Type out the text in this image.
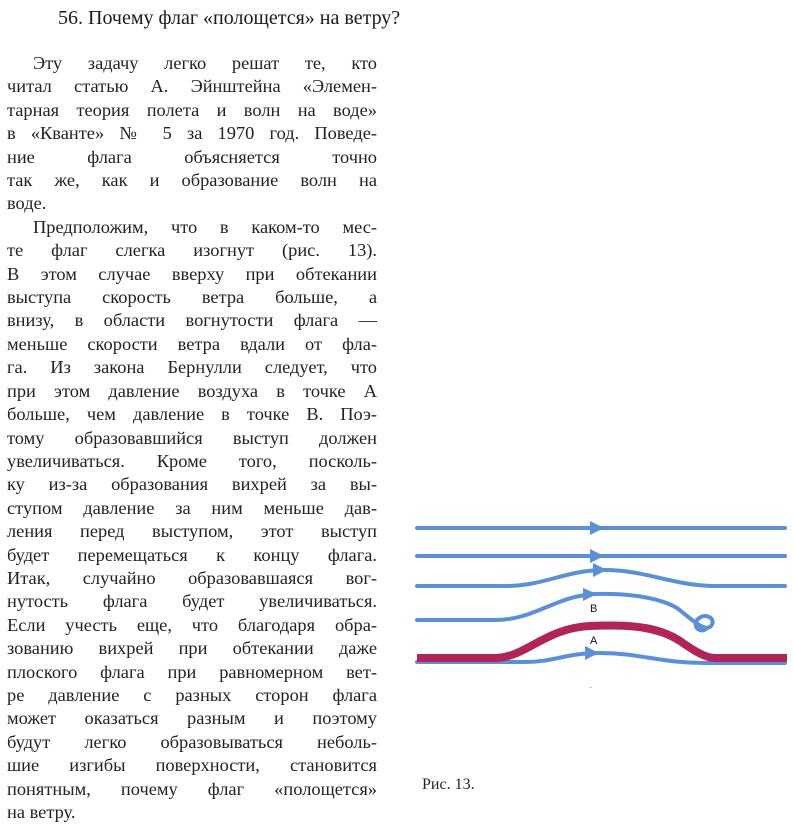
56. Почему флаг «полощется» на ветру?
Эту задачу легко решат те, кто
читал статью А. Эйнштейна «Элемен-
тарная теория полета и волн на воде»
в «Кванте» № 5 за 1970 год. Поведе-
ние флага объясняется точно
так же, как и образование волн на
воде.
Предположим, что в каком-то мес-
те флаг слегка изогнут (рис. 13).
В этом случае вверху при обтекании
выступа скорость ветра больше, а
внизу, в области вогнутости флага —
меньше скорости ветра вдали от фла-
га. Из закона Бернулли следует, что
при этом давление воздуха в точке A
больше, чем давление в точке B. Поэ-
тому образовавшийся выступ должен
увеличиваться. Кроме того, посколь-
ку из-за образования вихрей за вы-
ступом давление за ним меньше дав-
ления перед выступом, этот выступ
будет перемещаться к концу флага.
Итак, случайно образовавшаяся вог-
нутость флага будет увеличиваться.
Если учесть еще, что благодаря обра-
зованию вихрей при обтекании даже
плоского флага при равномерном вет-
ре давление с разных сторон флага
может оказаться разным и поэтому
будут легко образовываться неболь-
шие изгибы поверхности, становится
понятным, почему флаг «полощется»
на ветру.
B
A
Рис. 13.
